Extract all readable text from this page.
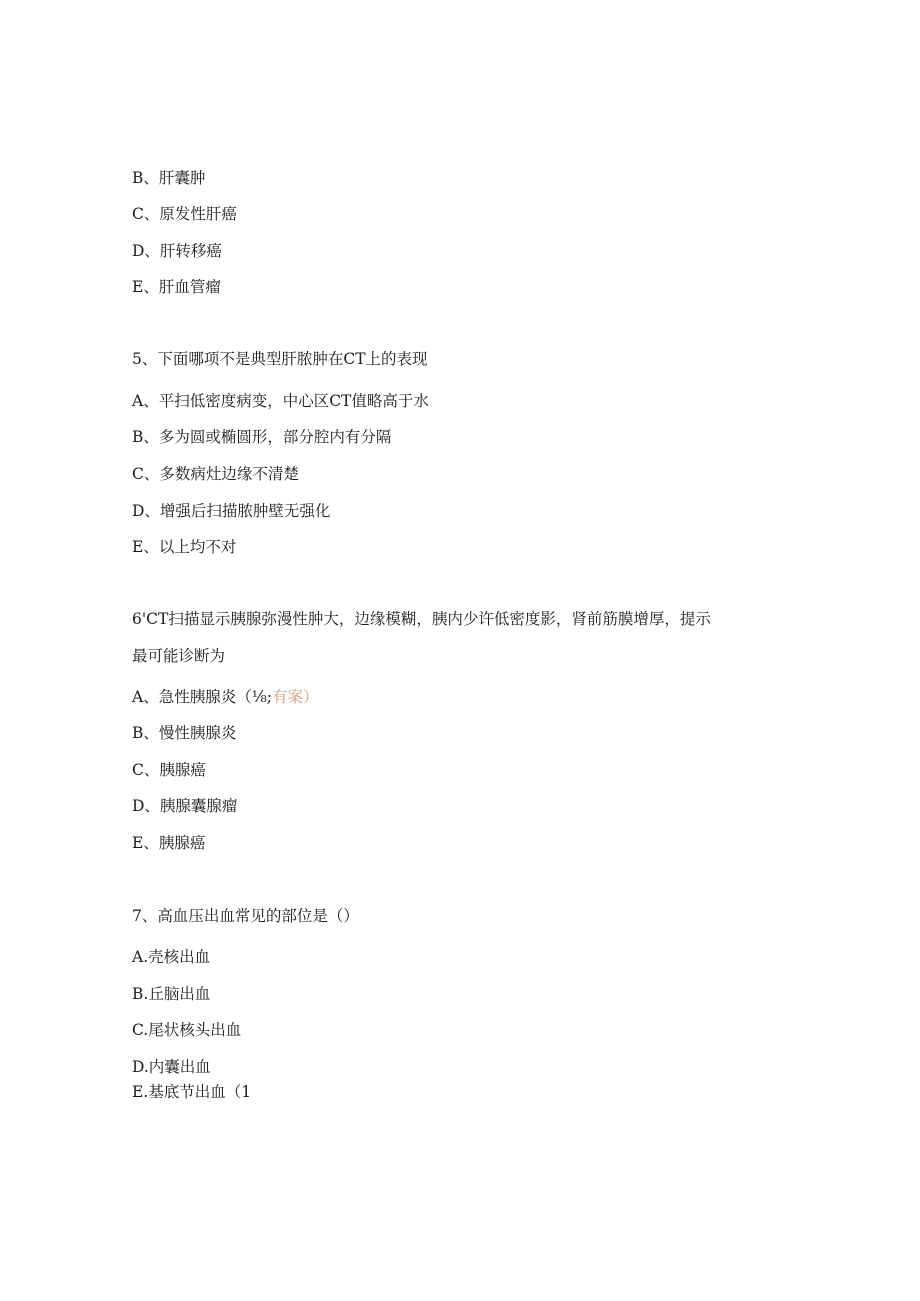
B、肝囊肿
C、原发性肝癌
D、肝转移癌
E、肝血管瘤
5、下面哪项不是典型肝脓肿在CT上的表现
A、平扫低密度病变，中心区CT值略高于水
B、多为圆或椭圆形，部分腔内有分隔
C、多数病灶边缘不清楚
D、增强后扫描脓肿壁无强化
E、以上均不对
6'CT扫描显示胰腺弥漫性肿大，边缘模糊，胰内少许低密度影，肾前筋膜增厚，提示
最可能诊断为
A、急性胰腺炎（⅛;有案）
B、慢性胰腺炎
C、胰腺癌
D、胰腺囊腺瘤
E、胰腺癌
7、高血压出血常见的部位是（）
A.壳核出血
B.丘脑出血
C.尾状核头出血
D.内囊出血
E.基底节出血（1
